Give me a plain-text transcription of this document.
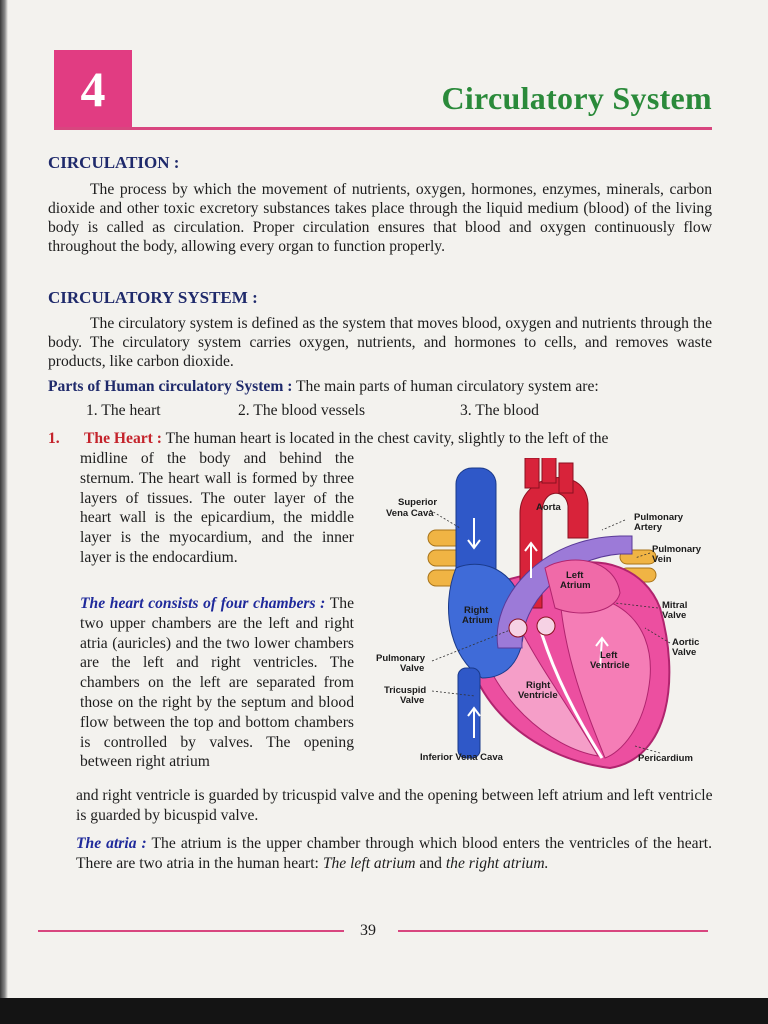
4	Circulatory System
CIRCULATION :

The process by which the movement of nutrients, oxygen, hormones, enzymes, minerals, carbon dioxide and other toxic excretory substances takes place through the liquid medium (blood) of the living body is called as circulation. Proper circulation ensures that blood and oxygen continuously flow throughout the body, allowing every organ to function properly.

CIRCULATORY SYSTEM :

The circulatory system is defined as the system that moves blood, oxygen and nutrients through the body. The circulatory system carries oxygen, nutrients, and hormones to cells, and removes waste products, like carbon dioxide.

Parts of Human circulatory System : The main parts of human circulatory system are:
1. The heart	2. The blood vessels	3. The blood
1. The Heart : The human heart is located in the chest cavity, slightly to the left of the

midline of the body and behind the sternum. The heart wall is formed by three layers of tissues. The outer layer of the heart wall is the epicardium, the middle layer is the myocardium, and the inner layer is the endocardium.

The heart consists of four chambers : The two upper chambers are the left and right atria (auricles) and the two lower chambers are the left and right ventricles. The chambers on the left are separated from those on the right by the septum and blood flow between the top and bottom chambers is controlled by valves. The opening between right atrium

and right ventricle is guarded by tricuspid valve and the opening between left atrium and left ventricle is guarded by bicuspid valve.

The atria : The atrium is the upper chamber through which blood enters the ventricles of the heart. There are two atria in the human heart: The left atrium and the right atrium.

Superior
Vena Cava
Aorta
Pulmonary
Artery
Pulmonary
Vein
Left
Atrium
Right
Atrium
Mitral
Valve
Aortic
Valve
Left
Ventricle
Pulmonary
Valve
Right
Ventricle
Tricuspid
Valve
Inferior Vena Cava	Pericardium
39
